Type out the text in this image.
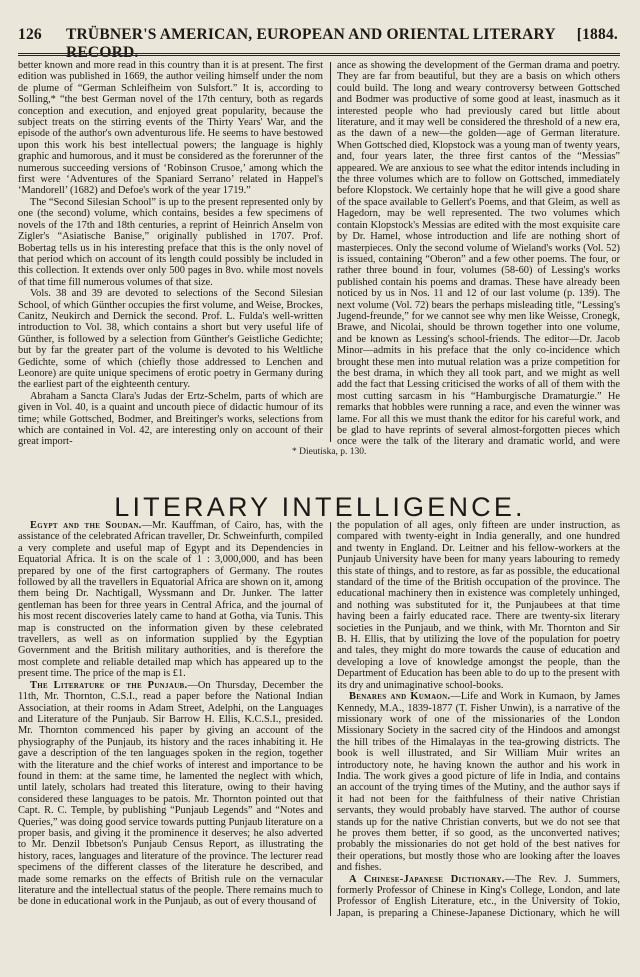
126 TRÜBNER'S AMERICAN, EUROPEAN AND ORIENTAL LITERARY RECORD.
[1884.

better known and more read in this country than it is at present. The first edition was published in 1669, the author veiling himself under the nom de plume of “German Schleifheim von Sulsfort.” It is, according to Solling,* “the best German novel of the 17th century, both as regards conception and execution, and enjoyed great popularity, because the subject treats on the stirring events of the Thirty Years' War, and the episode of the author's own adventurous life. He seems to have bestowed upon this work his best intellectual powers; the language is highly graphic and humorous, and it must be considered as the forerunner of the numerous succeeding versions of ‘Robinson Crusoe,’ among which the first were ‘Adventures of the Spaniard Serrano’ related in Happel's ‘Mandorell’ (1682) and Defoe's work of the year 1719.”

The “Second Silesian School” is up to the present represented only by one (the second) volume, which contains, besides a few specimens of novels of the 17th and 18th centuries, a reprint of Heinrich Anselm von Zigler's “Asiatische Banise,” originally published in 1707. Prof. Bobertag tells us in his interesting preface that this is the only novel of that period which on account of its length could possibly be included in this collection. It extends over only 500 pages in 8vo. while most novels of that time fill numerous volumes of that size.

Vols. 38 and 39 are devoted to selections of the Second Silesian School, of which Günther occupies the first volume, and Weise, Brockes, Canitz, Neukirch and Dernick the second. Prof. L. Fulda's well-written introduction to Vol. 38, which contains a short but very useful life of Günther, is followed by a selection from Günther's Geistliche Gedichte; but by far the greater part of the volume is devoted to his Weltliche Gedichte, some of which (chiefly those addressed to Lenchen and Leonore) are quite unique specimens of erotic poetry in Germany during the earliest part of the eighteenth century.

Abraham a Sancta Clara's Judas der Ertz-Schelm, parts of which are given in Vol. 40, is a quaint and uncouth piece of didactic humour of its time; while Gottsched, Bodmer, and Breitinger's works, selections from which are contained in Vol. 42, are interesting only on account of their great import-

ance as showing the development of the German drama and poetry. They are far from beautiful, but they are a basis on which others could build. The long and weary controversy between Gottsched and Bodmer was productive of some good at least, inasmuch as it interested people who had previously cared but little about literature, and it may well be considered the threshold of a new era, as the dawn of a new—the golden—age of German literature. When Gottsched died, Klopstock was a young man of twenty years, and, four years later, the three first cantos of the “Messias” appeared. We are anxious to see what the editor intends including in the three volumes which are to follow on Gottsched, immediately before Klopstock. We certainly hope that he will give a good share of the space available to Gellert's Poems, and that Gleim, as well as Hagedorn, may be well represented. The two volumes which contain Klopstock's Messias are edited with the most exquisite care by Dr. Hamel, whose introduction and life are nothing short of masterpieces. Only the second volume of Wieland's works (Vol. 52) is issued, containing “Oberon” and a few other poems. The four, or rather three bound in four, volumes (58-60) of Lessing's works published contain his poems and dramas. These have already been noticed by us in Nos. 11 and 12 of our last volume (p. 139). The next volume (Vol. 72) bears the perhaps misleading title, “Lessing's Jugend-freunde,” for we cannot see why men like Weisse, Cronegk, Brawe, and Nicolai, should be thrown together into one volume, and be known as Lessing's school-friends. The editor—Dr. Jacob Minor—admits in his preface that the only co-incidence which brought these men into mutual relation was a prize competition for the best drama, in which they all took part, and we might as well add the fact that Lessing criticised the works of all of them with the most cutting sarcasm in his “Hamburgische Dramaturgie.” He remarks that hobbles were running a race, and even the winner was lame. For all this we must thank the editor for his careful work, and be glad to have reprints of several almost-forgotten pieces which once were the talk of the literary and dramatic world, and were

* Dieutiska, p. 130.
LITERARY INTELLIGENCE.

Egypt and the Soudan.—Mr. Kauffman, of Cairo, has, with the assistance of the celebrated African traveller, Dr. Schweinfurth, compiled a very complete and useful map of Egypt and its Dependencies in Equatorial Africa. It is on the scale of 1 : 3,000,000, and has been prepared by one of the first cartographers of Germany. The routes followed by all the travellers in Equatorial Africa are shown on it, among them being Dr. Nachtigall, Wyssmann and Dr. Junker. The latter gentleman has been for three years in Central Africa, and the journal of his most recent discoveries lately came to hand at Gotha, via Tunis. This map is constructed on the information given by these celebrated travellers, as well as on information supplied by the Egyptian Government and the British military authorities, and is therefore the most complete and reliable detailed map which has appeared up to the present time. The price of the map is £1.

The Literature of the Punjaub.—On Thursday, December the 11th, Mr. Thornton, C.S.I., read a paper before the National Indian Association, at their rooms in Adam Street, Adelphi, on the Languages and Literature of the Punjaub. Sir Barrow H. Ellis, K.C.S.I., presided. Mr. Thornton commenced his paper by giving an account of the physiography of the Punjaub, its history and the races inhabiting it. He gave a description of the ten languages spoken in the region, together with the literature and the chief works of interest and importance to be found in them: at the same time, he lamented the neglect with which, until lately, scholars had treated this literature, owing to their having considered these languages to be patois. Mr. Thornton pointed out that Capt. R. C. Temple, by publishing “Punjaub Legends” and “Notes and Queries,” was doing good service towards putting Punjaub literature on a proper basis, and giving it the prominence it deserves; he also adverted to Mr. Denzil Ibbetson's Punjaub Census Report, as illustrating the history, races, languages and literature of the province. The lecturer read specimens of the different classes of the literature he described, and made some remarks on the effects of British rule on the vernacular literature and the intellectual status of the people. There remains much to be done in educational work in the Punjaub, as out of every thousand of

the population of all ages, only fifteen are under instruction, as compared with twenty-eight in India generally, and one hundred and twenty in England. Dr. Leitner and his fellow-workers at the Punjaub University have been for many years labouring to remedy this state of things, and to restore, as far as possible, the educational standard of the time of the British occupation of the province. The educational machinery then in existence was completely unhinged, and nothing was substituted for it, the Punjaubees at that time having been a fairly educated race. There are twenty-six literary societies in the Punjaub, and we think, with Mr. Thornton and Sir B. H. Ellis, that by utilizing the love of the population for poetry and tales, they might do more towards the cause of education and developing a love of knowledge amongst the people, than the Department of Education has been able to do up to the present with its dry and unimaginative school-books.

Benares and Kumaon.—Life and Work in Kumaon, by James Kennedy, M.A., 1839-1877 (T. Fisher Unwin), is a narrative of the missionary work of one of the missionaries of the London Missionary Society in the sacred city of the Hindoos and amongst the hill tribes of the Himalayas in the tea-growing districts. The book is well illustrated, and Sir William Muir writes an introductory note, he having known the author and his work in India. The work gives a good picture of life in India, and contains an account of the trying times of the Mutiny, and the author says if it had not been for the faithfulness of their native Christian servants, they would probably have starved. The author of course stands up for the native Christian converts, but we do not see that he proves them better, if so good, as the unconverted natives; probably the missionaries do not get hold of the best natives for their operations, but mostly those who are looking after the loaves and fishes.

A Chinese-Japanese Dictionary.—The Rev. J. Summers, formerly Professor of Chinese in King's College, London, and late Professor of English Literature, etc., in the University of Tokio, Japan, is preparing a Chinese-Japanese Dictionary, which he will
